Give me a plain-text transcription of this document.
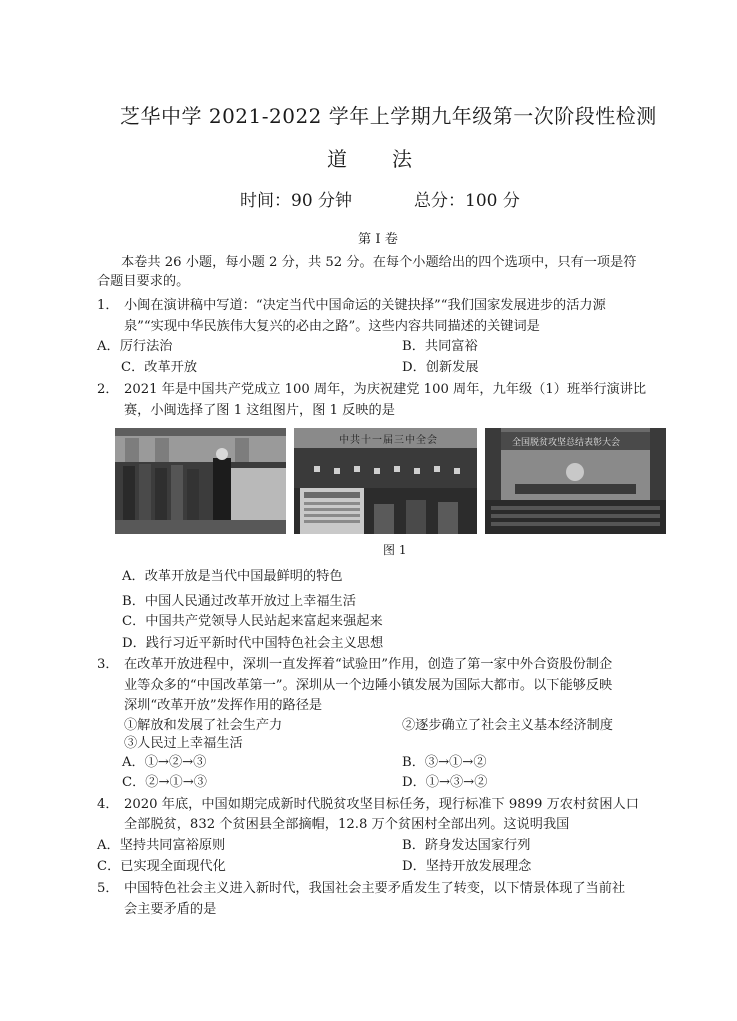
芝华中学 2021-2022 学年上学期九年级第一次阶段性检测
道 法
时间：90 分钟	总分：100 分
第 I 卷
本卷共 26 小题，每小题 2 分，共 52 分。在每个小题给出的四个选项中，只有一项是符
合题目要求的。
1． 小闽在演讲稿中写道：“决定当代中国命运的关键抉择”“我们国家发展进步的活力源
泉”“实现中华民族伟大复兴的必由之路”。这些内容共同描述的关键词是
A．厉行法治	B．共同富裕
C．改革开放	D．创新发展
2． 2021 年是中国共产党成立 100 周年，为庆祝建党 100 周年，九年级（1）班举行演讲比
赛，小闽选择了图 1 这组图片，图 1 反映的是
中共十一届三中全会	全国脱贫攻坚总结表彰大会
图 1
A．改革开放是当代中国最鲜明的特色
B．中国人民通过改革开放过上幸福生活
C．中国共产党领导人民站起来富起来强起来
D．践行习近平新时代中国特色社会主义思想
3． 在改革开放进程中，深圳一直发挥着“试验田”作用，创造了第一家中外合资股份制企
业等众多的“中国改革第一”。深圳从一个边陲小镇发展为国际大都市。以下能够反映
深圳“改革开放”发挥作用的路径是
①解放和发展了社会生产力	②逐步确立了社会主义基本经济制度
③人民过上幸福生活
A．①→②→③	B．③→①→②
C．②→①→③	D．①→③→②
4． 2020 年底，中国如期完成新时代脱贫攻坚目标任务，现行标准下 9899 万农村贫困人口
全部脱贫，832 个贫困县全部摘帽，12.8 万个贫困村全部出列。这说明我国
A．坚持共同富裕原则	B．跻身发达国家行列
C．已实现全面现代化	D．坚持开放发展理念
5． 中国特色社会主义进入新时代，我国社会主要矛盾发生了转变，以下情景体现了当前社
会主要矛盾的是
